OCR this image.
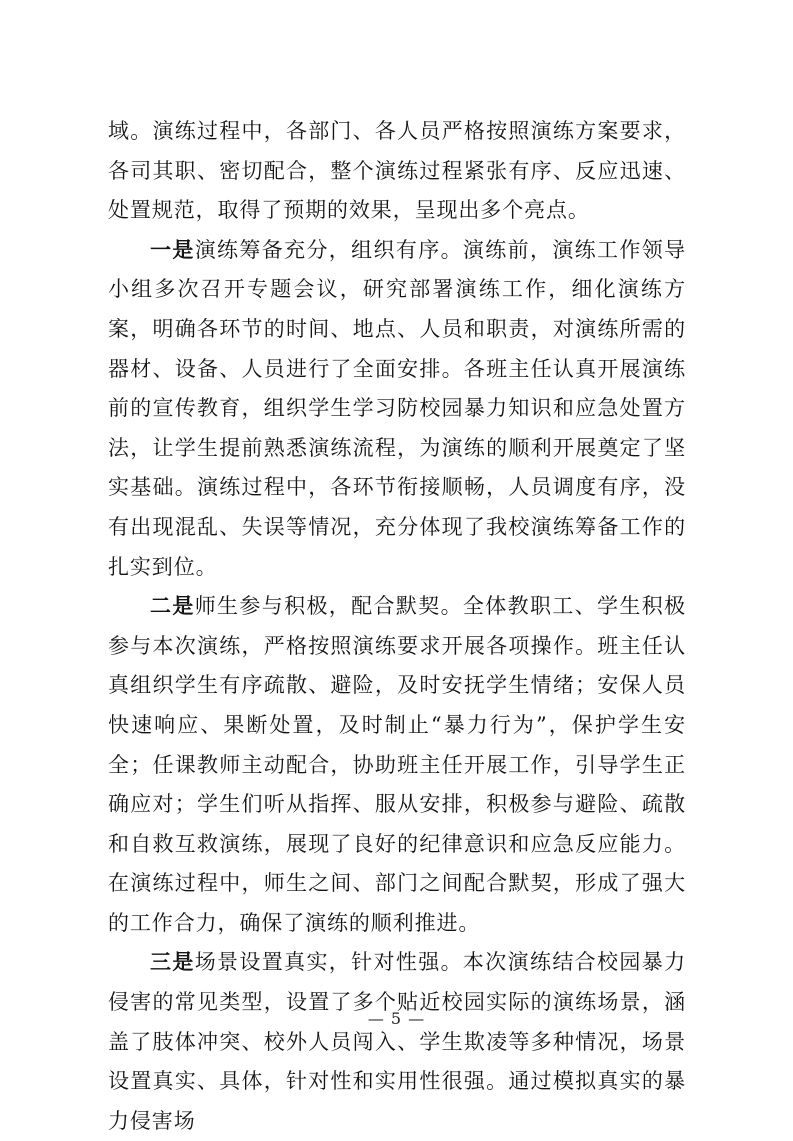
域。演练过程中，各部门、各人员严格按照演练方案要求，各司其职、密切配合，整个演练过程紧张有序、反应迅速、处置规范，取得了预期的效果，呈现出多个亮点。

一是演练筹备充分，组织有序。演练前，演练工作领导小组多次召开专题会议，研究部署演练工作，细化演练方案，明确各环节的时间、地点、人员和职责，对演练所需的器材、设备、人员进行了全面安排。各班主任认真开展演练前的宣传教育，组织学生学习防校园暴力知识和应急处置方法，让学生提前熟悉演练流程，为演练的顺利开展奠定了坚实基础。演练过程中，各环节衔接顺畅，人员调度有序，没有出现混乱、失误等情况，充分体现了我校演练筹备工作的扎实到位。

二是师生参与积极，配合默契。全体教职工、学生积极参与本次演练，严格按照演练要求开展各项操作。班主任认真组织学生有序疏散、避险，及时安抚学生情绪；安保人员快速响应、果断处置，及时制止“暴力行为”，保护学生安全；任课教师主动配合，协助班主任开展工作，引导学生正确应对；学生们听从指挥、服从安排，积极参与避险、疏散和自救互救演练，展现了良好的纪律意识和应急反应能力。在演练过程中，师生之间、部门之间配合默契，形成了强大的工作合力，确保了演练的顺利推进。

三是场景设置真实，针对性强。本次演练结合校园暴力侵害的常见类型，设置了多个贴近校园实际的演练场景，涵盖了肢体冲突、校外人员闯入、学生欺凌等多种情况，场景设置真实、具体，针对性和实用性很强。通过模拟真实的暴力侵害场

— 5 —
